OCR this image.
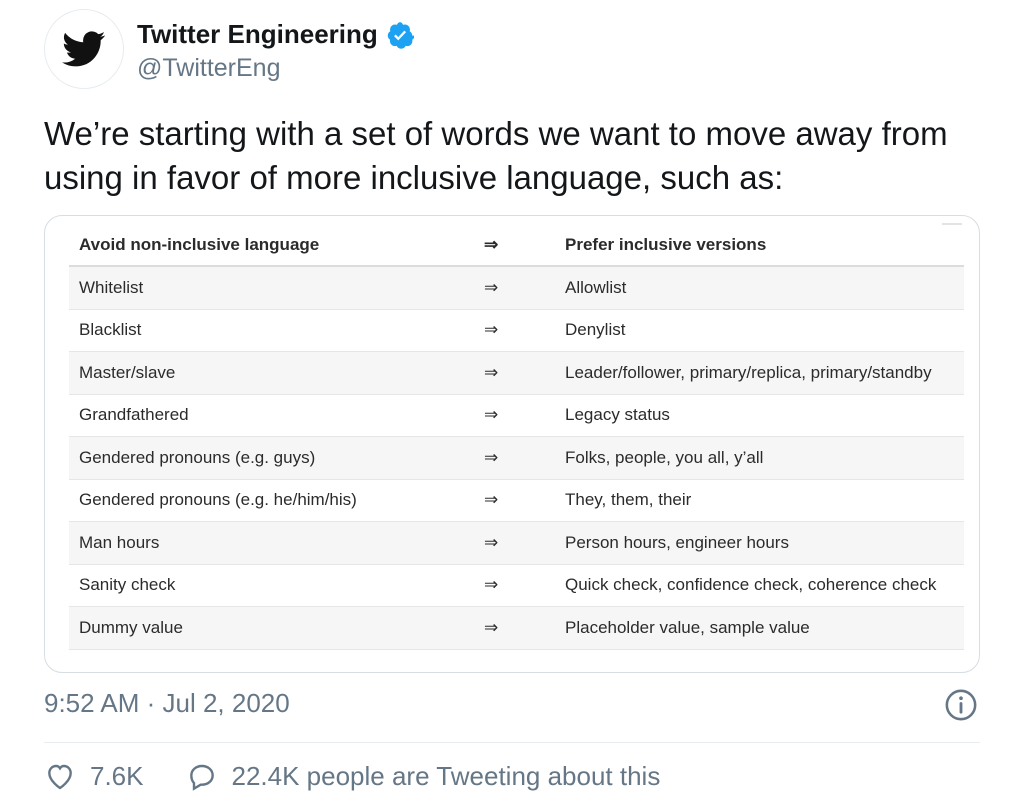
Twitter Engineering
@TwitterEng
We’re starting with a set of words we want to move away from using in favor of more inclusive language, such as:
Avoid non-inclusive language	⇒	Prefer inclusive versions
Whitelist	⇒	Allowlist
Blacklist	⇒	Denylist
Master/slave	⇒	Leader/follower, primary/replica, primary/standby
Grandfathered	⇒	Legacy status
Gendered pronouns (e.g. guys)	⇒	Folks, people, you all, y’all
Gendered pronouns (e.g. he/him/his)	⇒	They, them, their
Man hours	⇒	Person hours, engineer hours
Sanity check	⇒	Quick check, confidence check, coherence check
Dummy value	⇒	Placeholder value, sample value
9:52 AM · Jul 2, 2020
7.6K	22.4K people are Tweeting about this
